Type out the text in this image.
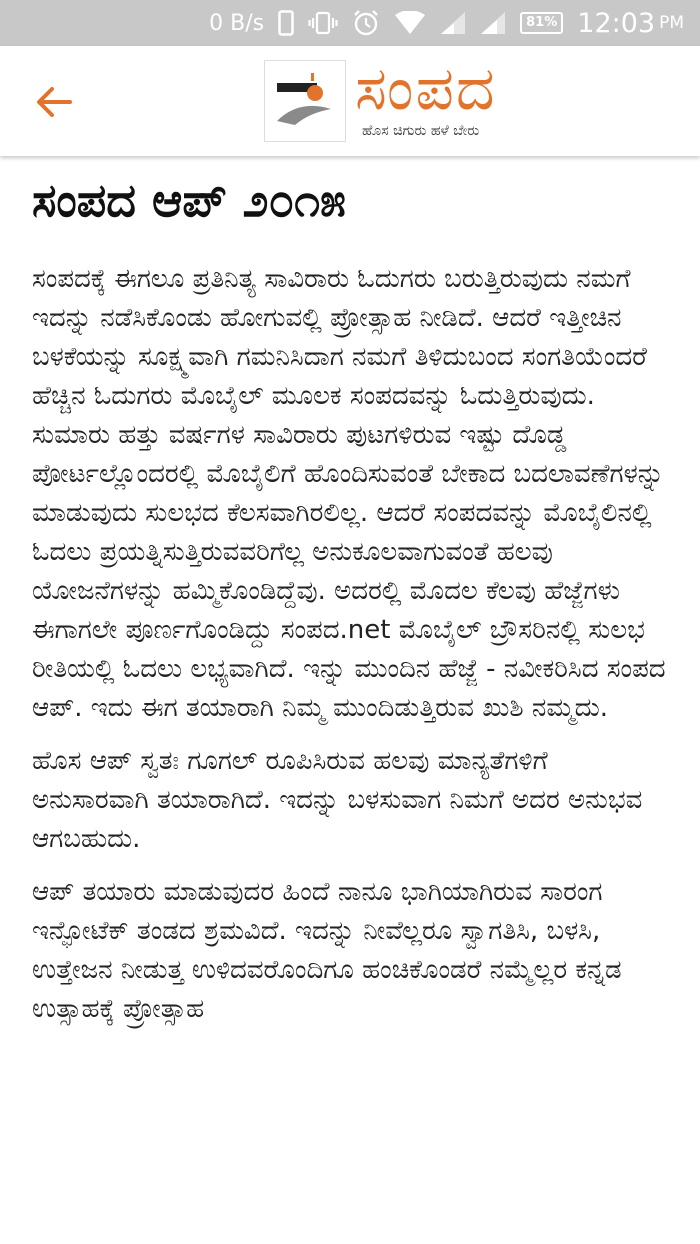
0 B/s	81% 12:03 PM
ಸಂಪದ
ಹೊಸ ಚಿಗುರು ಹಳೆ ಬೇರು
ಸಂಪದ ಆಪ್ ೨೦೧೫

ಸಂಪದಕ್ಕೆ ಈಗಲೂ ಪ್ರತಿನಿತ್ಯ ಸಾವಿರಾರು ಓದುಗರು ಬರುತ್ತಿರುವುದು ನಮಗೆ ಇದನ್ನು ನಡೆಸಿಕೊಂಡು ಹೋಗುವಲ್ಲಿ ಪ್ರೋತ್ಸಾಹ ನೀಡಿದೆ. ಆದರೆ ಇತ್ತೀಚಿನ ಬಳಕೆಯನ್ನು ಸೂಕ್ಷ್ಮವಾಗಿ ಗಮನಿಸಿದಾಗ ನಮಗೆ ತಿಳಿದುಬಂದ ಸಂಗತಿಯೆಂದರೆ ಹೆಚ್ಚಿನ ಓದುಗರು ಮೊಬೈಲ್ ಮೂಲಕ ಸಂಪದವನ್ನು ಓದುತ್ತಿರುವುದು. ಸುಮಾರು ಹತ್ತು ವರ್ಷಗಳ ಸಾವಿರಾರು ಪುಟಗಳಿರುವ ಇಷ್ಟು ದೊಡ್ಡ ಪೋರ್ಟಲ್ಲೊಂದರಲ್ಲಿ ಮೊಬೈಲಿಗೆ ಹೊಂದಿಸುವಂತೆ ಬೇಕಾದ ಬದಲಾವಣೆಗಳನ್ನು ಮಾಡುವುದು ಸುಲಭದ ಕೆಲಸವಾಗಿರಲಿಲ್ಲ. ಆದರೆ ಸಂಪದವನ್ನು ಮೊಬೈಲಿನಲ್ಲಿ ಓದಲು ಪ್ರಯತ್ನಿಸುತ್ತಿರುವವರಿಗೆಲ್ಲ ಅನುಕೂಲವಾಗುವಂತೆ ಹಲವು ಯೋಜನೆಗಳನ್ನು ಹಮ್ಮಿಕೊಂಡಿದ್ದೆವು. ಅದರಲ್ಲಿ ಮೊದಲ ಕೆಲವು ಹೆಜ್ಜೆಗಳು ಈಗಾಗಲೇ ಪೂರ್ಣಗೊಂಡಿದ್ದು ಸಂಪದ.net ಮೊಬೈಲ್ ಬ್ರೌಸರಿನಲ್ಲಿ ಸುಲಭ ರೀತಿಯಲ್ಲಿ ಓದಲು ಲಭ್ಯವಾಗಿದೆ. ಇನ್ನು ಮುಂದಿನ ಹೆಜ್ಜೆ - ನವೀಕರಿಸಿದ ಸಂಪದ ಆಪ್. ಇದು ಈಗ ತಯಾರಾಗಿ ನಿಮ್ಮ ಮುಂದಿಡುತ್ತಿರುವ ಖುಶಿ ನಮ್ಮದು.

ಹೊಸ ಆಪ್ ಸ್ವತಃ ಗೂಗಲ್ ರೂಪಿಸಿರುವ ಹಲವು ಮಾನ್ಯತೆಗಳಿಗೆ ಅನುಸಾರವಾಗಿ ತಯಾರಾಗಿದೆ. ಇದನ್ನು ಬಳಸುವಾಗ ನಿಮಗೆ ಅದರ ಅನುಭವ ಆಗಬಹುದು.

ಆಪ್ ತಯಾರು ಮಾಡುವುದರ ಹಿಂದೆ ನಾನೂ ಭಾಗಿಯಾಗಿರುವ ಸಾರಂಗ ಇನ್ಫೋಟೆಕ್ ತಂಡದ ಶ್ರಮವಿದೆ. ಇದನ್ನು ನೀವೆಲ್ಲರೂ ಸ್ವಾಗತಿಸಿ, ಬಳಸಿ, ಉತ್ತೇಜನ ನೀಡುತ್ತ ಉಳಿದವರೊಂದಿಗೂ ಹಂಚಿಕೊಂಡರೆ ನಮ್ಮೆಲ್ಲರ ಕನ್ನಡ ಉತ್ಸಾಹಕ್ಕೆ ಪ್ರೋತ್ಸಾಹ
